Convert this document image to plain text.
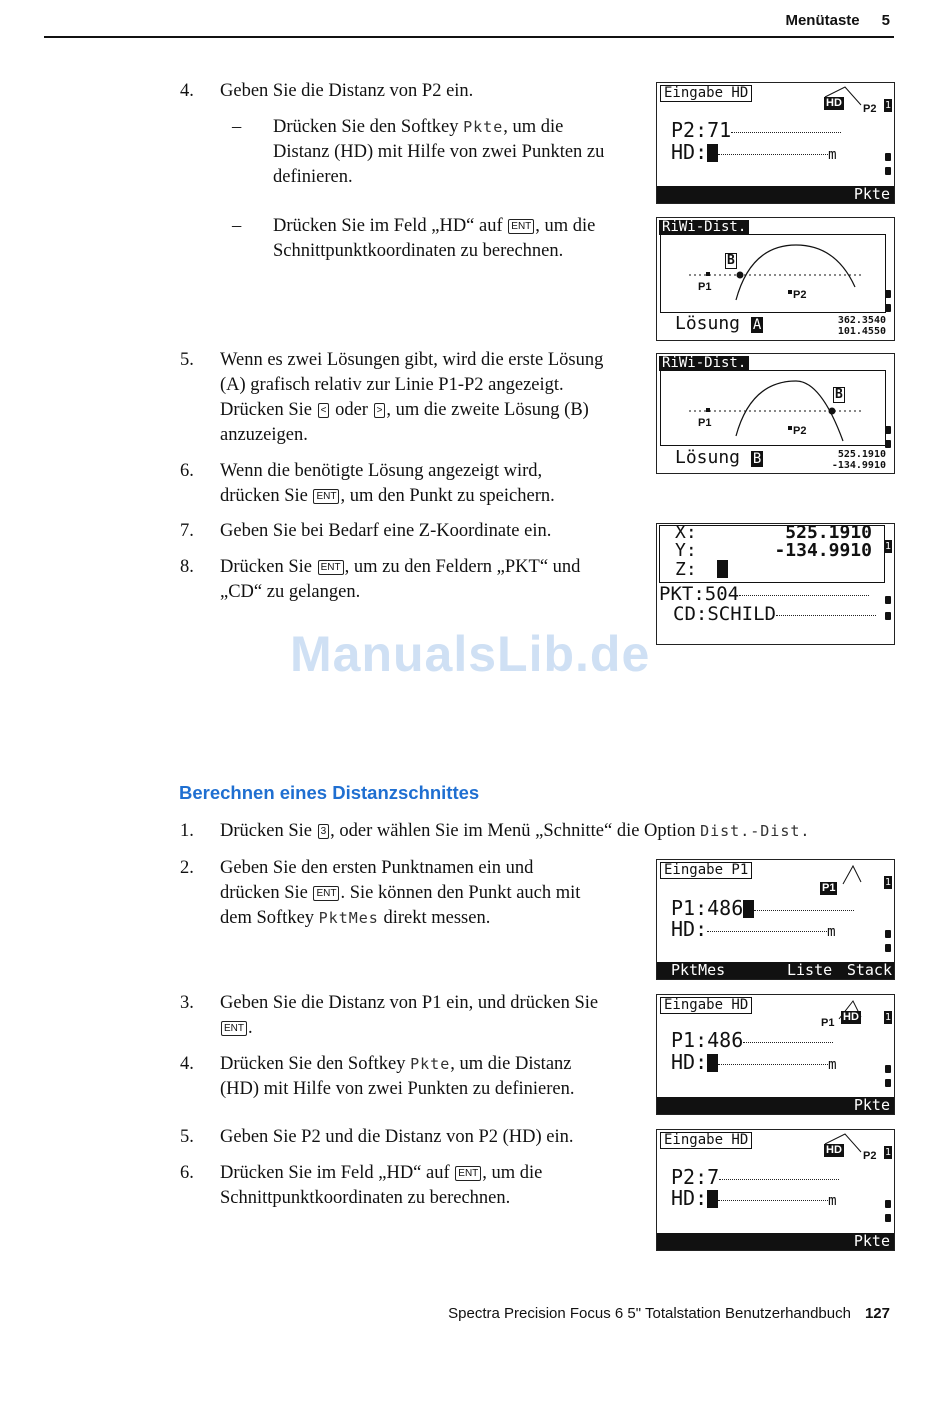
Menütaste 5
4.	Geben Sie die Distanz von P2 ein.
– Drücken Sie den Softkey Pkte, um die
Distanz (HD) mit Hilfe von zwei Punkten zu
definieren.
– Drücken Sie im Feld „HD“ auf ENT , um die
Schnittpunktkoordinaten zu berechnen.
5.	Wenn es zwei Lösungen gibt, wird die erste Lösung
(A) grafisch relativ zur Linie P1-P2 angezeigt.
Drücken Sie < oder > , um die zweite Lösung (B)
anzuzeigen.
6.	Wenn die benötigte Lösung angezeigt wird,
drücken Sie ENT , um den Punkt zu speichern.
7.	Geben Sie bei Bedarf eine Z-Koordinate ein.
8.	Drücken Sie ENT , um zu den Feldern „PKT“ und
„CD“ zu gelangen.
ManualsLib.de
Berechnen eines Distanzschnittes
1.	Drücken Sie 3 , oder wählen Sie im Menü „Schnitte“ die Option Dist.-Dist.
2.	Geben Sie den ersten Punktnamen ein und
drücken Sie ENT . Sie können den Punkt auch mit
dem Softkey PktMes direkt messen.
3.	Geben Sie die Distanz von P1 ein, und drücken Sie
ENT .
4.	Drücken Sie den Softkey Pkte, um die Distanz
(HD) mit Hilfe von zwei Punkten zu definieren.
5.	Geben Sie P2 und die Distanz von P2 (HD) ein.
6.	Drücken Sie im Feld „HD“ auf ENT , um die
Schnittpunktkoordinaten zu berechnen.
Eingabe HD
HD P2 1
P2:71
HD:	m
Pkte
RiWi-Dist.
P1
P2
B
Lösung A	362.3540
101.4550
RiWi-Dist.
P1
P2
B
Lösung B	525.1910
-134.9910
X:	525.1910
Y:	-134.9910
Z:
1
PKT:504
CD:SCHILD
Eingabe P1
P1	1
P1:486
HD:	m
PktMes	Liste Stack
Eingabe HD
P1 HD	1
P1:486
HD:	m
Pkte
Eingabe HD
HD P2 1
P2:7
HD:	m
Pkte
Spectra Precision Focus 6 5" Totalstation Benutzerhandbuch 127
